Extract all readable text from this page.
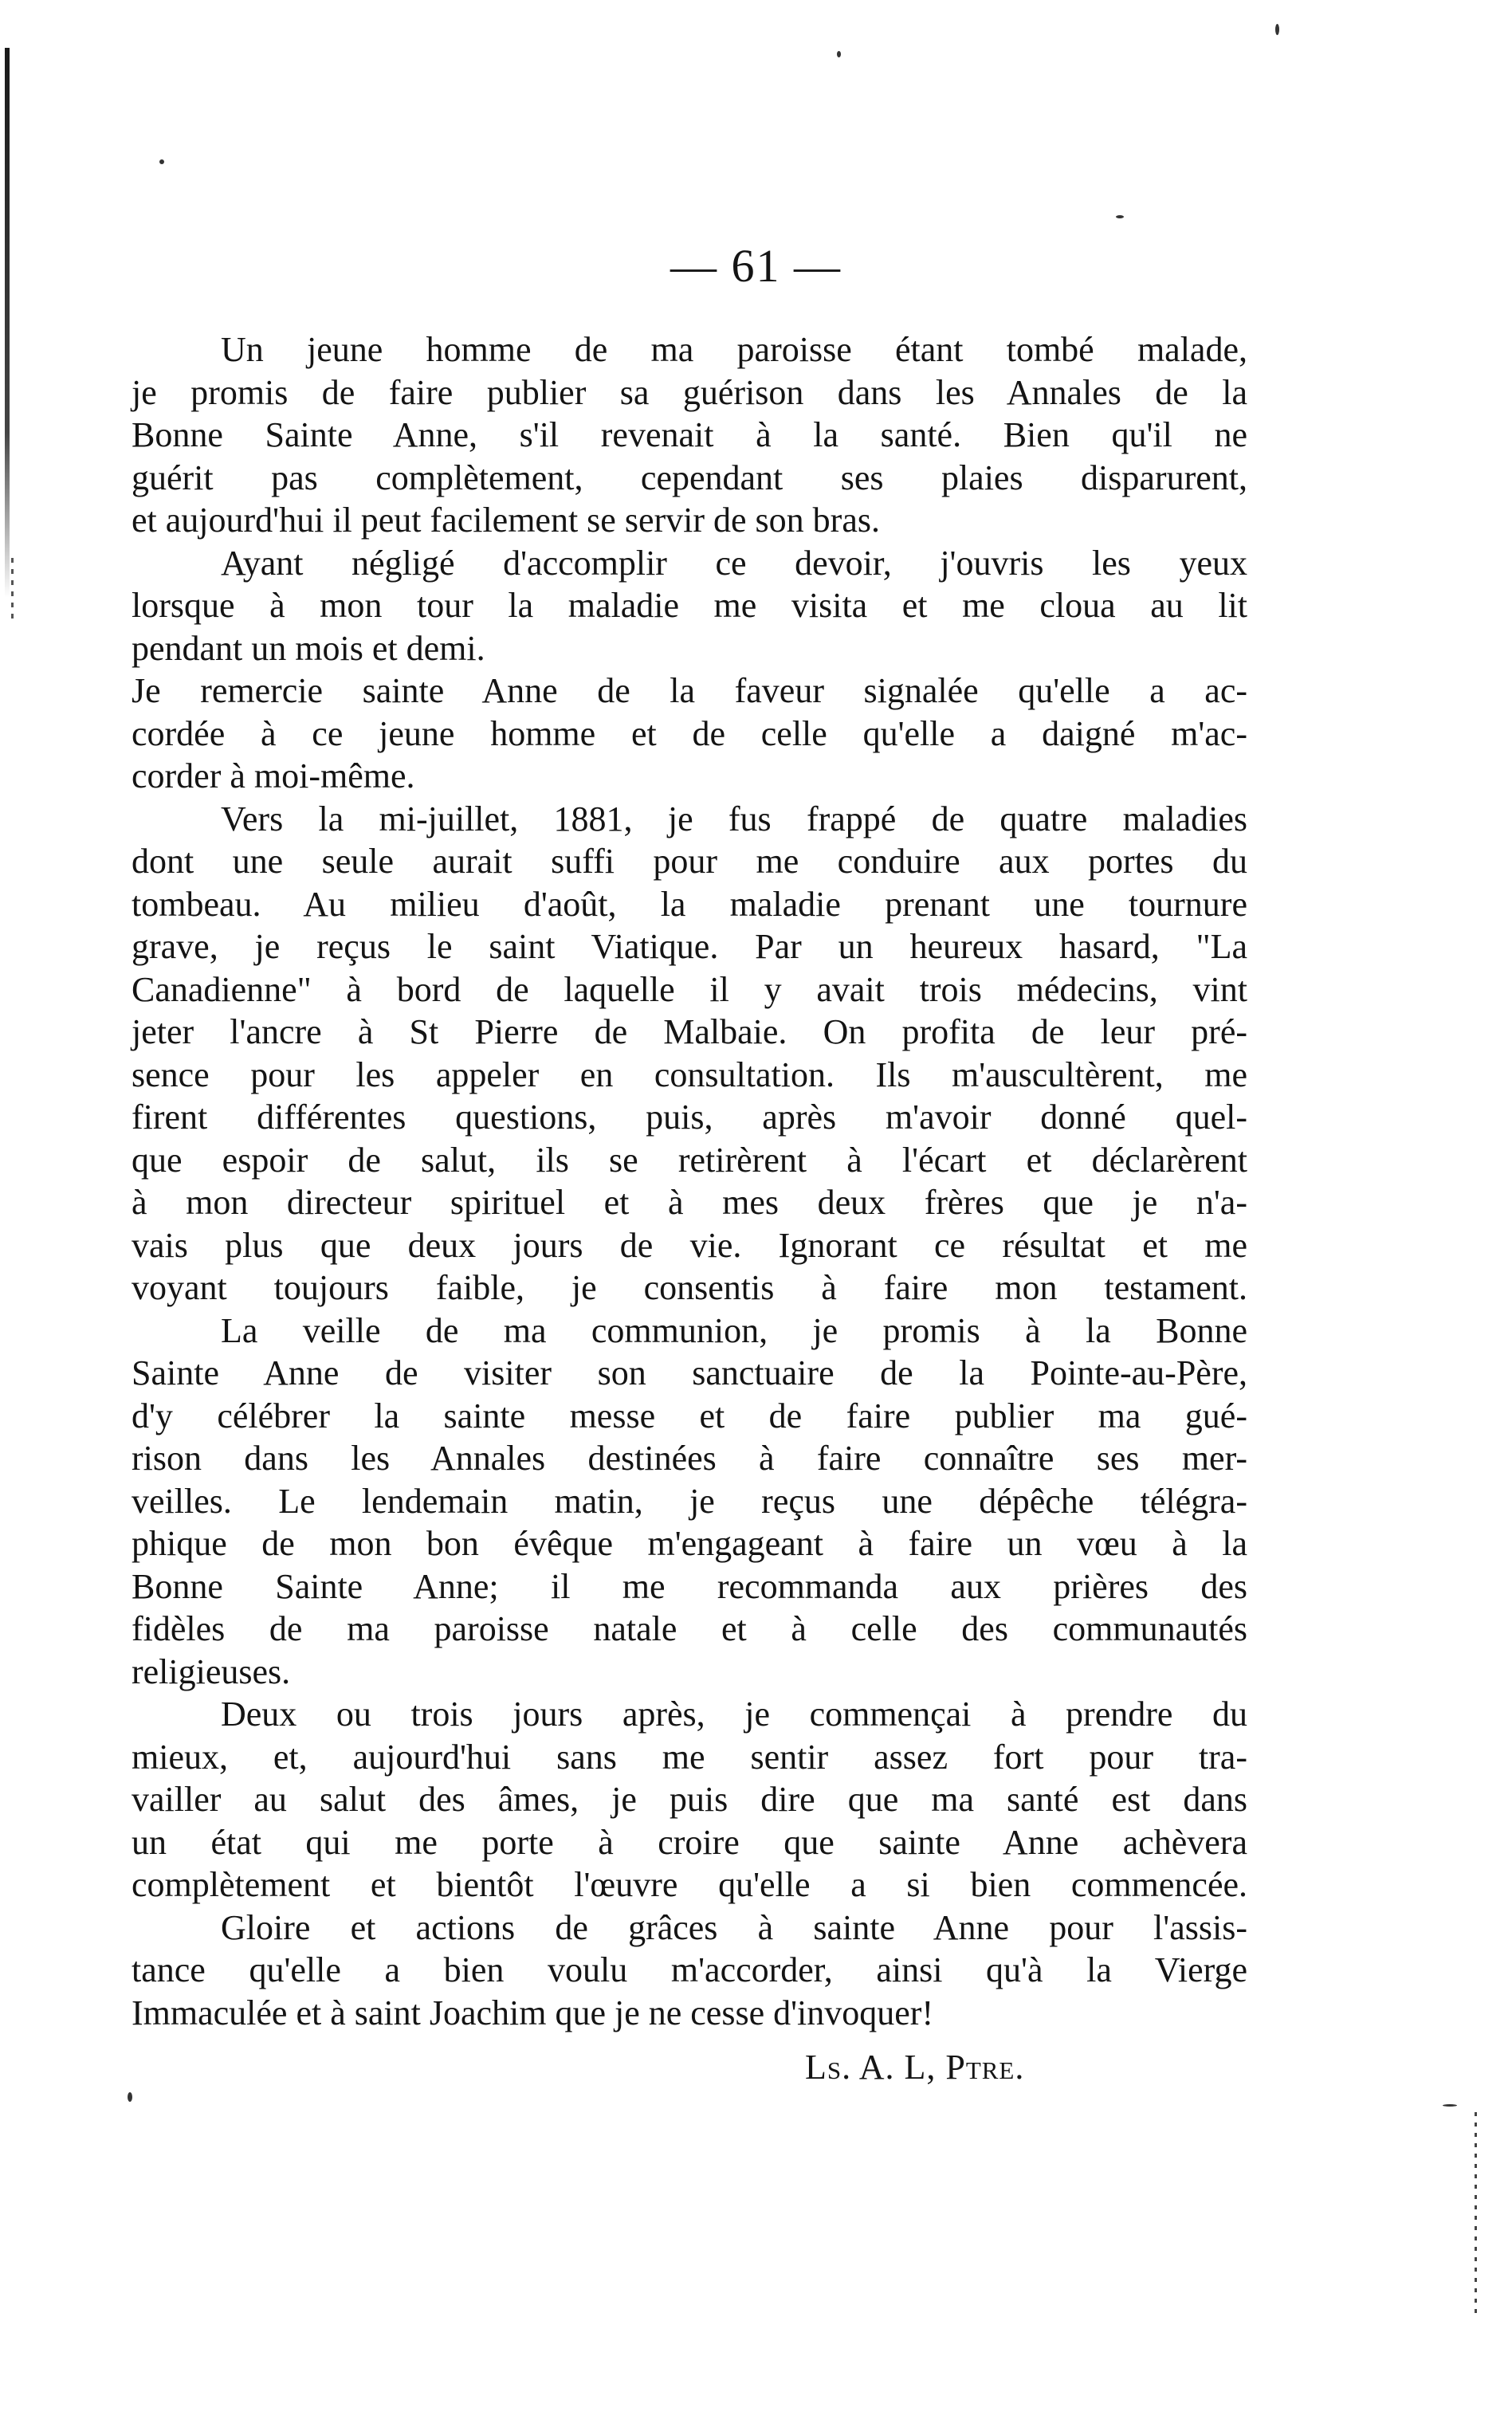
— 61 —

Un jeune homme de ma paroisse étant tombé malade,
je promis de faire publier sa guérison dans les Annales de la
Bonne Sainte Anne, s'il revenait à la santé. Bien qu'il ne
guérit pas complètement, cependant ses plaies disparurent,
et aujourd'hui il peut facilement se servir de son bras.

Ayant négligé d'accomplir ce devoir, j'ouvris les yeux
lorsque à mon tour la maladie me visita et me cloua au lit
pendant un mois et demi.

Je remercie sainte Anne de la faveur signalée qu'elle a ac-
cordée à ce jeune homme et de celle qu'elle a daigné m'ac-
corder à moi-même.

Vers la mi-juillet, 1881, je fus frappé de quatre maladies
dont une seule aurait suffi pour me conduire aux portes du
tombeau. Au milieu d'août, la maladie prenant une tournure
grave, je reçus le saint Viatique. Par un heureux hasard, "La
Canadienne" à bord de laquelle il y avait trois médecins, vint
jeter l'ancre à St Pierre de Malbaie. On profita de leur pré-
sence pour les appeler en consultation. Ils m'auscultèrent, me
firent différentes questions, puis, après m'avoir donné quel-
que espoir de salut, ils se retirèrent à l'écart et déclarèrent
à mon directeur spirituel et à mes deux frères que je n'a-
vais plus que deux jours de vie. Ignorant ce résultat et me
voyant toujours faible, je consentis à faire mon testament.

La veille de ma communion, je promis à la Bonne
Sainte Anne de visiter son sanctuaire de la Pointe-au-Père,
d'y célébrer la sainte messe et de faire publier ma gué-
rison dans les Annales destinées à faire connaître ses mer-
veilles. Le lendemain matin, je reçus une dépêche télégra-
phique de mon bon évêque m'engageant à faire un vœu à la
Bonne Sainte Anne; il me recommanda aux prières des
fidèles de ma paroisse natale et à celle des communautés
religieuses.

Deux ou trois jours après, je commençai à prendre du
mieux, et, aujourd'hui sans me sentir assez fort pour tra-
vailler au salut des âmes, je puis dire que ma santé est dans
un état qui me porte à croire que sainte Anne achèvera
complètement et bientôt l'œuvre qu'elle a si bien commencée.

Gloire et actions de grâces à sainte Anne pour l'assis-
tance qu'elle a bien voulu m'accorder, ainsi qu'à la Vierge
Immaculée et à saint Joachim que je ne cesse d'invoquer!

Ls. A. L, Ptre.
